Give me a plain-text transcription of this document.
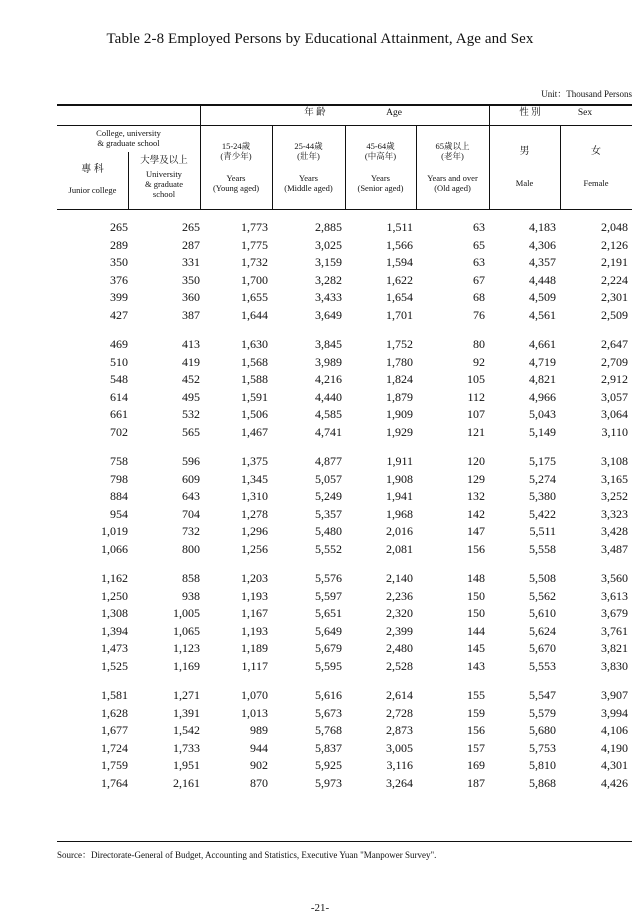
Table 2-8 Employed Persons by Educational Attainment, Age and Sex
Unit：Thousand Persons
年 齡	Age	性 別	Sex
College, university
& graduate school
專 科
Junior college
大學及以上
University
& graduate
school
15-24歲
(青少年)
Years
(Young aged)
25-44歲
(壯年)
Years
(Middle aged)
45-64歲
(中高年)
Years
(Senior aged)
65歲以上
(老年)
Years and over
(Old aged)
男
Male
女
Female
265	265	1,773	2,885	1,511	63	4,183	2,048
289	287	1,775	3,025	1,566	65	4,306	2,126
350	331	1,732	3,159	1,594	63	4,357	2,191
376	350	1,700	3,282	1,622	67	4,448	2,224
399	360	1,655	3,433	1,654	68	4,509	2,301
427	387	1,644	3,649	1,701	76	4,561	2,509
469	413	1,630	3,845	1,752	80	4,661	2,647
510	419	1,568	3,989	1,780	92	4,719	2,709
548	452	1,588	4,216	1,824	105	4,821	2,912
614	495	1,591	4,440	1,879	112	4,966	3,057
661	532	1,506	4,585	1,909	107	5,043	3,064
702	565	1,467	4,741	1,929	121	5,149	3,110
758	596	1,375	4,877	1,911	120	5,175	3,108
798	609	1,345	5,057	1,908	129	5,274	3,165
884	643	1,310	5,249	1,941	132	5,380	3,252
954	704	1,278	5,357	1,968	142	5,422	3,323
1,019	732	1,296	5,480	2,016	147	5,511	3,428
1,066	800	1,256	5,552	2,081	156	5,558	3,487
1,162	858	1,203	5,576	2,140	148	5,508	3,560
1,250	938	1,193	5,597	2,236	150	5,562	3,613
1,308	1,005	1,167	5,651	2,320	150	5,610	3,679
1,394	1,065	1,193	5,649	2,399	144	5,624	3,761
1,473	1,123	1,189	5,679	2,480	145	5,670	3,821
1,525	1,169	1,117	5,595	2,528	143	5,553	3,830
1,581	1,271	1,070	5,616	2,614	155	5,547	3,907
1,628	1,391	1,013	5,673	2,728	159	5,579	3,994
1,677	1,542	989	5,768	2,873	156	5,680	4,106
1,724	1,733	944	5,837	3,005	157	5,753	4,190
1,759	1,951	902	5,925	3,116	169	5,810	4,301
1,764	2,161	870	5,973	3,264	187	5,868	4,426
Source：Directorate-General of Budget, Accounting and Statistics, Executive Yuan "Manpower Survey".
-21-
